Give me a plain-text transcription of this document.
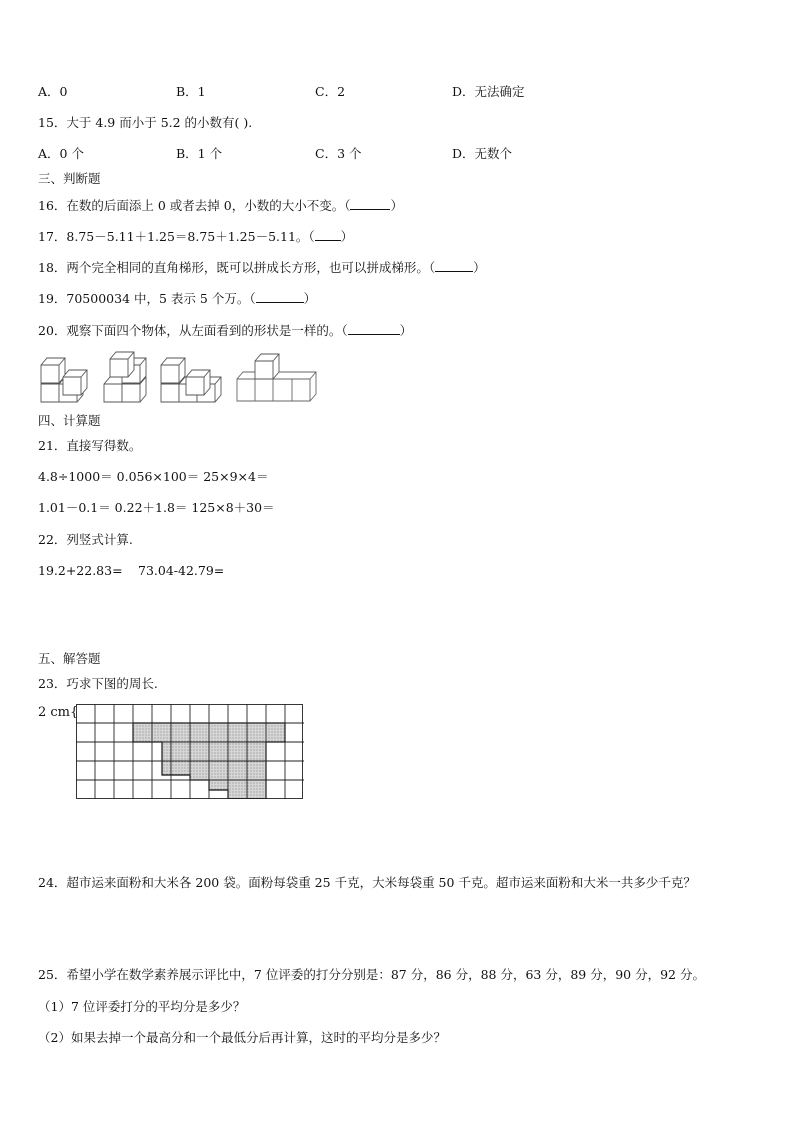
A．0	B．1	C．2	D．无法确定
15．大于 4.9 而小于 5.2 的小数有( ).
A．0 个	B．1 个	C．3 个	D．无数个
三、判断题
16．在数的后面添上 0 或者去掉 0，小数的大小不变。（	）
17．8.75－5.11＋1.25＝8.75＋1.25－5.11。（ ）
18．两个完全相同的直角梯形，既可以拼成长方形，也可以拼成梯形。（	）
19．70500034 中，5 表示 5 个万。（	）
20．观察下面四个物体，从左面看到的形状是一样的。（	）
四、计算题
21．直接写得数。
4.8÷1000＝ 0.056×100＝ 25×9×4＝
1.01－0.1＝ 0.22＋1.8＝ 125×8＋30＝
22．列竖式计算.
19.2+22.83= 73.04-42.79=
五、解答题
23．巧求下图的周长.
2 cm{
24．超市运来面粉和大米各 200 袋。面粉每袋重 25 千克，大米每袋重 50 千克。超市运来面粉和大米一共多少千克？
25．希望小学在数学素养展示评比中，7 位评委的打分分别是：87 分，86 分，88 分，63 分，89 分，90 分，92 分。
（1）7 位评委打分的平均分是多少？
（2）如果去掉一个最高分和一个最低分后再计算，这时的平均分是多少？
